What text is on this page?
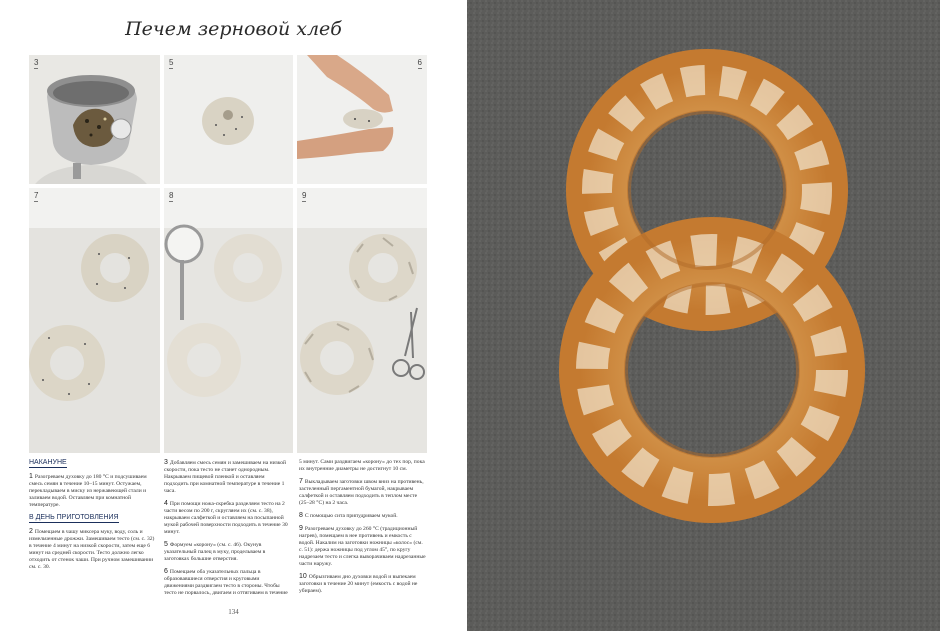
Печем зерновой хлеб
3	5	6
7	8	9
НАКАНУНЕ

1 Разогреваем духовку до 180 °С и подсушиваем смесь семян в течение 10–15 минут. Остужаем, перекладываем в миску из нержавеющей стали и заливаем водой. Оставляем при комнатной температуре.

В ДЕНЬ ПРИГОТОВЛЕНИЯ

2 Помещаем в чашу миксера муку, воду, соль и измельченные дрожжи. Замешиваем тесто (см. с. 32) в течение 4 минут на низкой скорости, затем еще 6 минут на средней скорости. Тесто должно легко отходить от стенок чаши. При ручном замешивании см. с. 30.

3 Добавляем смесь семян и замешиваем на низкой скорости, пока тесто не станет однородным. Накрываем пищевой пленкой и оставляем подходить при комнатной температуре в течение 1 часа.

4 При помощи ножа-скребка разделяем тесто на 2 части весом по 200 г, скругляем их (см. с. 38), накрываем салфеткой и оставляем на посыпанной мукой рабочей поверхности подходить в течение 30 минут.

5 Формуем «корону» (см. с. 46). Окунув указательный палец в муку, продельваем в заготовках большие отверстия.

6 Помещаем оба указательных пальца в образовавшиеся отверстия и круговыми движениями раздвигаем тесто в стороны. Чтобы тесто не порвалось, двигаем и оттягиваем в течение

5 минут. Сами раздвигаем «корону» до тех пор, пока их внутренние диаметры не достигнут 10 см.

7 Выкладываем заготовки швом вниз на противень, застеленный пергаментной бумагой, накрываем салфеткой и оставляем подходить в теплом месте (25–28 °С) на 2 часа.

8 С помощью сита припудриваем мукой.

9 Разогреваем духовку до 260 °С (традиционный нагрев), помещаем в нее противень и емкость с водой. Накалим на заготовки ножницы «колос» (см. с. 51): держа ножницы под углом 45°, по кругу надрезаем тесто и слегка выворачиваем надрезанные части наружу.

10 Обрызгиваем дно духовки водой и выпекаем заготовки в течение 20 минут (емкость с водой не убираем).

134
